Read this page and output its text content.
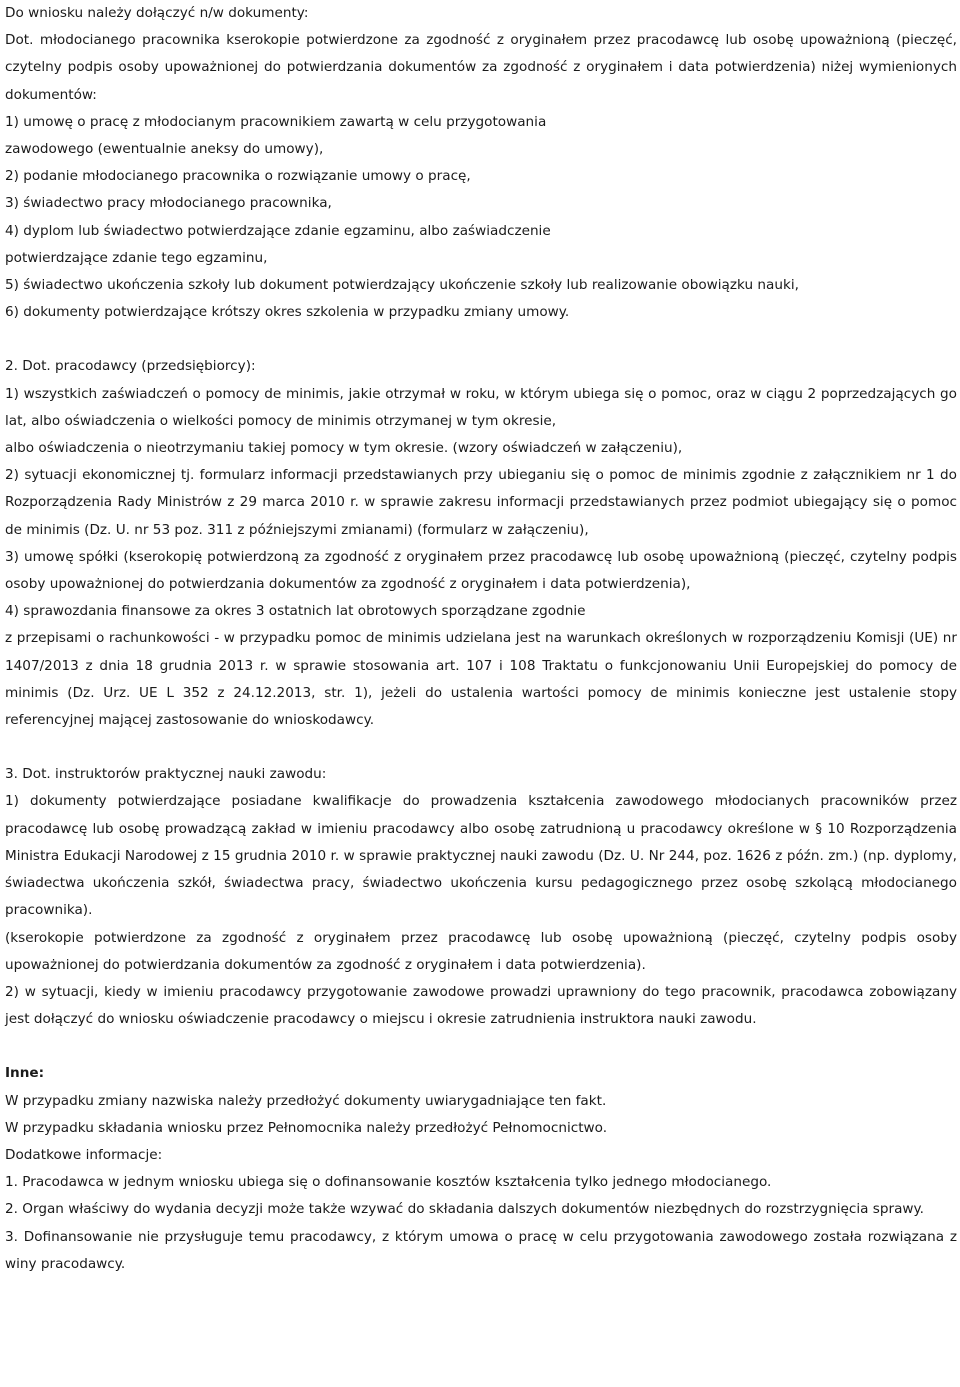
Do wniosku należy dołączyć n/w dokumenty:

Dot. młodocianego pracownika kserokopie potwierdzone za zgodność z oryginałem przez pracodawcę lub osobę upoważnioną (pieczęć, czytelny podpis osoby upoważnionej do potwierdzania dokumentów za zgodność z oryginałem i data potwierdzenia) niżej wymienionych dokumentów:

1) umowę o pracę z młodocianym pracownikiem zawartą w celu przygotowania

zawodowego (ewentualnie aneksy do umowy),

2) podanie młodocianego pracownika o rozwiązanie umowy o pracę,

3) świadectwo pracy młodocianego pracownika,

4) dyplom lub świadectwo potwierdzające zdanie egzaminu, albo zaświadczenie

potwierdzające zdanie tego egzaminu,

5) świadectwo ukończenia szkoły lub dokument potwierdzający ukończenie szkoły lub realizowanie obowiązku nauki,

6) dokumenty potwierdzające krótszy okres szkolenia w przypadku zmiany umowy.

2. Dot. pracodawcy (przedsiębiorcy):

1) wszystkich zaświadczeń o pomocy de minimis, jakie otrzymał w roku, w którym ubiega się o pomoc, oraz w ciągu 2 poprzedzających go lat, albo oświadczenia o wielkości pomocy de minimis otrzymanej w tym okresie,

albo oświadczenia o nieotrzymaniu takiej pomocy w tym okresie. (wzory oświadczeń w załączeniu),

2) sytuacji ekonomicznej tj. formularz informacji przedstawianych przy ubieganiu się o pomoc de minimis zgodnie z załącznikiem nr 1 do Rozporządzenia Rady Ministrów z 29 marca 2010 r. w sprawie zakresu informacji przedstawianych przez podmiot ubiegający się o pomoc de minimis (Dz. U. nr 53 poz. 311 z późniejszymi zmianami) (formularz w załączeniu),

3) umowę spółki (kserokopię potwierdzoną za zgodność z oryginałem przez pracodawcę lub osobę upoważnioną (pieczęć, czytelny podpis osoby upoważnionej do potwierdzania dokumentów za zgodność z oryginałem i data potwierdzenia),

4) sprawozdania finansowe za okres 3 ostatnich lat obrotowych sporządzane zgodnie

z przepisami o rachunkowości - w przypadku pomoc de minimis udzielana jest na warunkach określonych w rozporządzeniu Komisji (UE) nr 1407/2013 z dnia 18 grudnia 2013 r. w sprawie stosowania art. 107 i 108 Traktatu o funkcjonowaniu Unii Europejskiej do pomocy de minimis (Dz. Urz. UE L 352 z 24.12.2013, str. 1), jeżeli do ustalenia wartości pomocy de minimis konieczne jest ustalenie stopy referencyjnej mającej zastosowanie do wnioskodawcy.

3. Dot. instruktorów praktycznej nauki zawodu:

1) dokumenty potwierdzające posiadane kwalifikacje do prowadzenia kształcenia zawodowego młodocianych pracowników przez pracodawcę lub osobę prowadzącą zakład w imieniu pracodawcy albo osobę zatrudnioną u pracodawcy określone w § 10 Rozporządzenia Ministra Edukacji Narodowej z 15 grudnia 2010 r. w sprawie praktycznej nauki zawodu (Dz. U. Nr 244, poz. 1626 z późn. zm.) (np. dyplomy, świadectwa ukończenia szkół, świadectwa pracy, świadectwo ukończenia kursu pedagogicznego przez osobę szkolącą młodocianego pracownika).

(kserokopie potwierdzone za zgodność z oryginałem przez pracodawcę lub osobę upoważnioną (pieczęć, czytelny podpis osoby upoważnionej do potwierdzania dokumentów za zgodność z oryginałem i data potwierdzenia).

2) w sytuacji, kiedy w imieniu pracodawcy przygotowanie zawodowe prowadzi uprawniony do tego pracownik, pracodawca zobowiązany jest dołączyć do wniosku oświadczenie pracodawcy o miejscu i okresie zatrudnienia instruktora nauki zawodu.

Inne:

W przypadku zmiany nazwiska należy przedłożyć dokumenty uwiarygadniające ten fakt.

W przypadku składania wniosku przez Pełnomocnika należy przedłożyć Pełnomocnictwo.

Dodatkowe informacje:

1. Pracodawca w jednym wniosku ubiega się o dofinansowanie kosztów kształcenia tylko jednego młodocianego.

2. Organ właściwy do wydania decyzji może także wzywać do składania dalszych dokumentów niezbędnych do rozstrzygnięcia sprawy.

3. Dofinansowanie nie przysługuje temu pracodawcy, z którym umowa o pracę w celu przygotowania zawodowego została rozwiązana z winy pracodawcy.
